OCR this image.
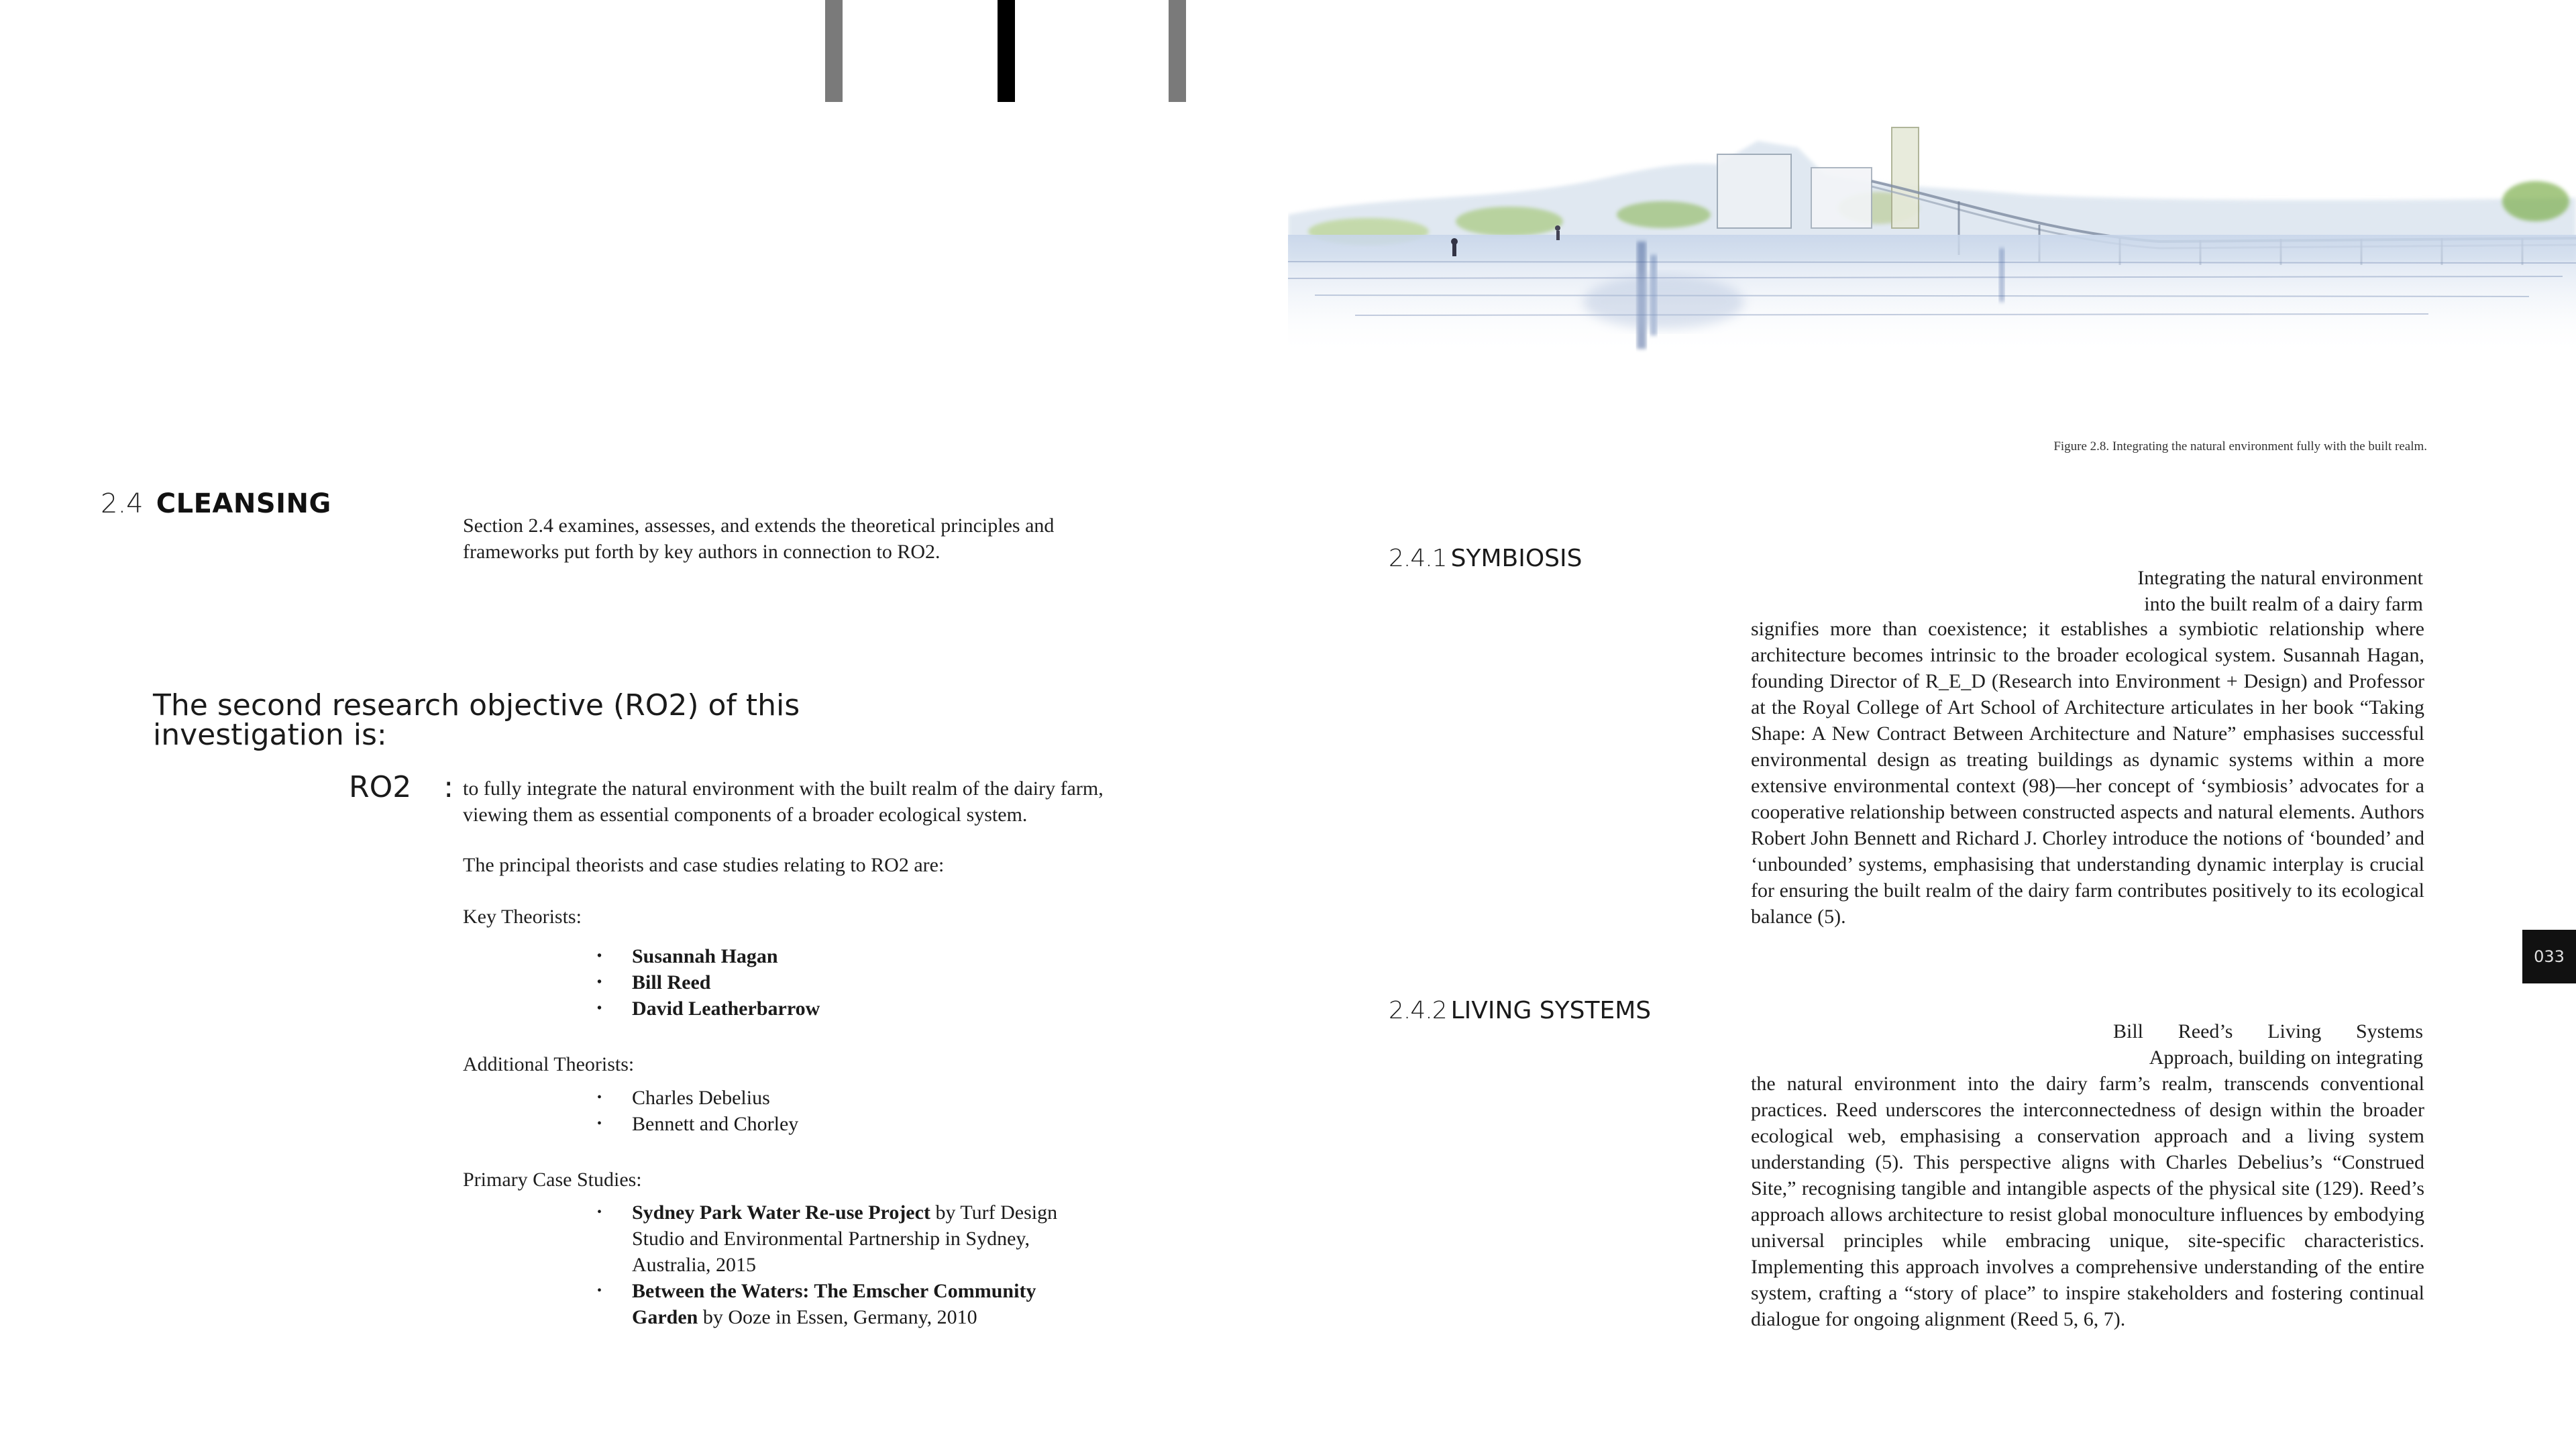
2.4 CLEANSING
Section 2.4 examines, assesses, and extends the theoretical principles and frameworks put forth by key authors in connection to RO2.
The second research objective (RO2) of this
investigation is:
RO2 : to fully integrate the natural environment with the built realm of the dairy farm, viewing them as essential components of a broader ecological system.
The principal theorists and case studies relating to RO2 are:
Key Theorists:
• Susannah Hagan
• Bill Reed
• David Leatherbarrow
Additional Theorists:
• Charles Debelius
• Bennett and Chorley
Primary Case Studies:
• Sydney Park Water Re-use Project by Turf Design Studio and Environmental Partnership in Sydney, Australia, 2015
• Between the Waters: The Emscher Community Garden by Ooze in Essen, Germany, 2010
Figure 2.8. Integrating the natural environment fully with the built realm.
2.4.1 SYMBIOSIS
Integrating the natural environment
into the built realm of a dairy farm
signifies more than coexistence; it establishes a symbiotic relationship where architecture becomes intrinsic to the broader ecological system. Susannah Hagan, founding Director of R_E_D (Research into Environment + Design) and Professor at the Royal College of Art School of Architecture articulates in her book “Taking Shape: A New Contract Between Architecture and Nature” emphasises successful environmental design as treating buildings as dynamic systems within a more extensive environmental context (98)—her concept of ‘symbiosis’ advocates for a cooperative relationship between constructed aspects and natural elements. Authors Robert John Bennett and Richard J. Chorley introduce the notions of ‘bounded’ and ‘unbounded’ systems, emphasising that understanding dynamic interplay is crucial for ensuring the built realm of the dairy farm contributes positively to its ecological balance (5).
2.4.2 LIVING SYSTEMS
Bill Reed’s Living Systems
Approach, building on integrating
the natural environment into the dairy farm’s realm, transcends conventional practices. Reed underscores the interconnectedness of design within the broader ecological web, emphasising a conservation approach and a living system understanding (5). This perspective aligns with Charles Debelius’s “Construed Site,” recognising tangible and intangible aspects of the physical site (129). Reed’s approach allows architecture to resist global monoculture influences by embodying universal principles while embracing unique, site-specific characteristics. Implementing this approach involves a comprehensive understanding of the entire system, crafting a “story of place” to inspire stakeholders and fostering continual dialogue for ongoing alignment (Reed 5, 6, 7).
033
